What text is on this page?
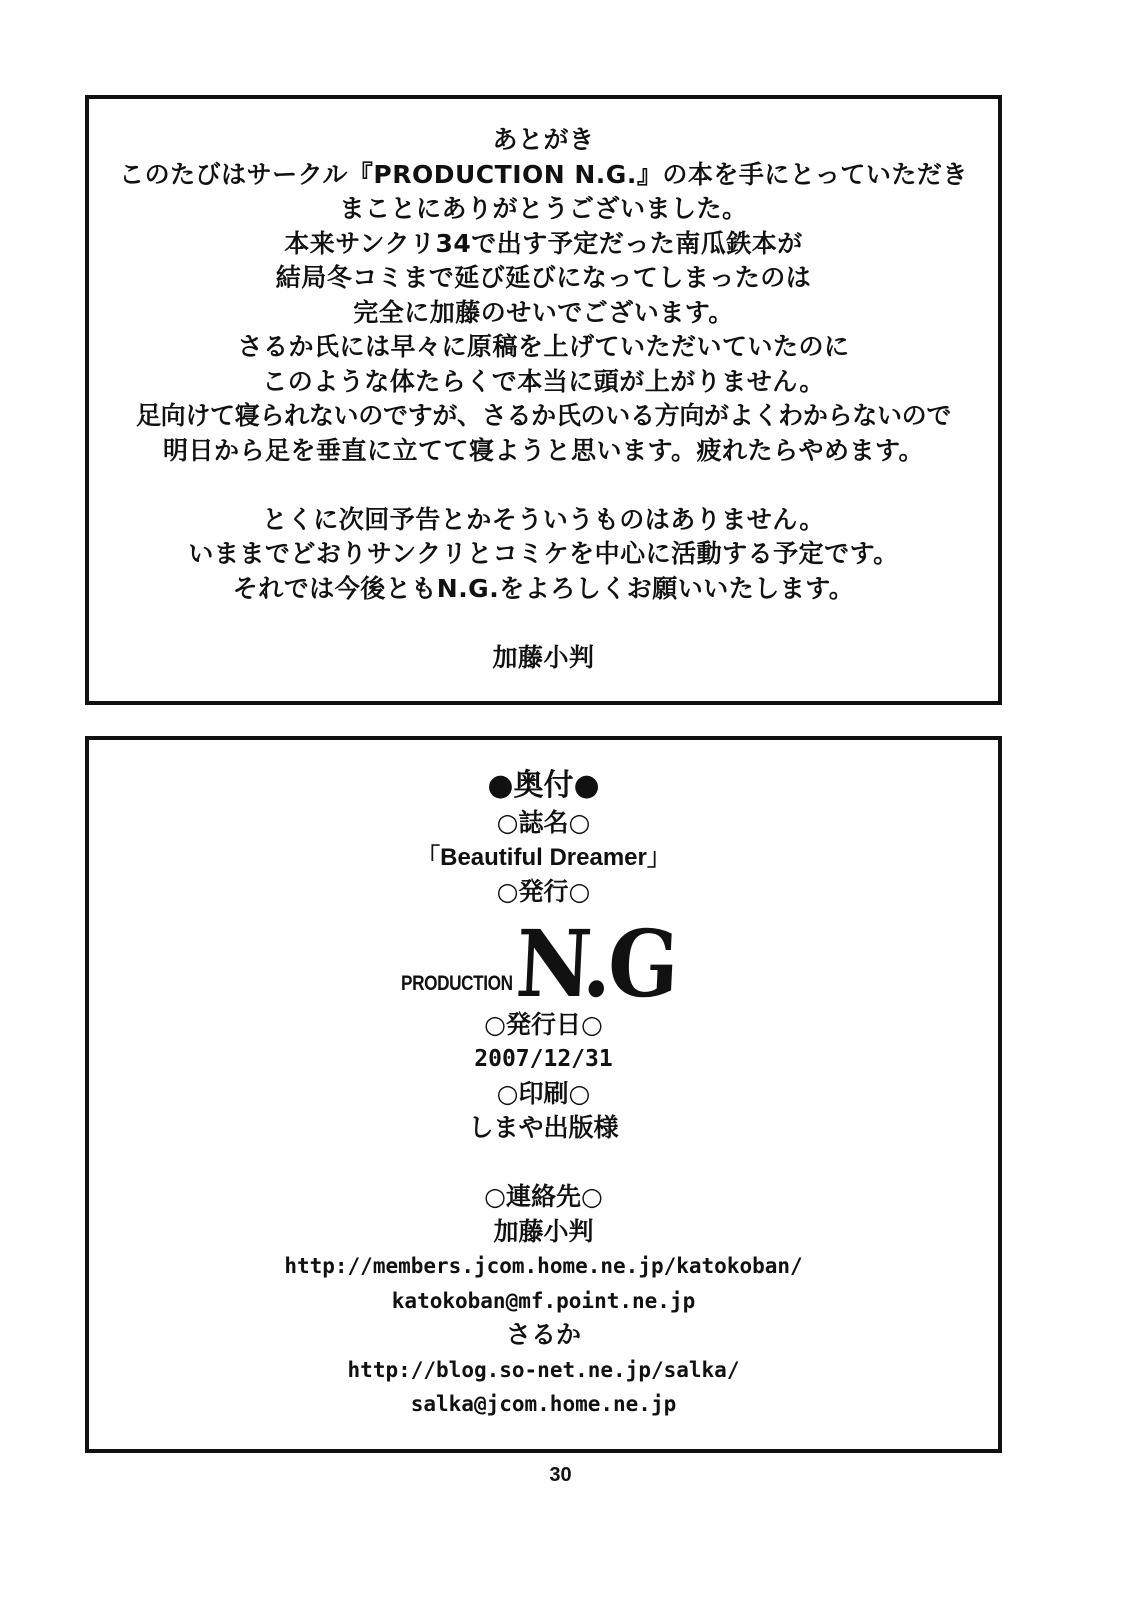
あとがき
このたびはサークル『PRODUCTION N.G.』の本を手にとっていただき
まことにありがとうございました。
本来サンクリ34で出す予定だった南瓜鉄本が
結局冬コミまで延び延びになってしまったのは
完全に加藤のせいでございます。
さるか氏には早々に原稿を上げていただいていたのに
このような体たらくで本当に頭が上がりません。
足向けて寝られないのですが、さるか氏のいる方向がよくわからないので
明日から足を垂直に立てて寝ようと思います。疲れたらやめます。
とくに次回予告とかそういうものはありません。
いままでどおりサンクリとコミケを中心に活動する予定です。
それでは今後ともN.G.をよろしくお願いいたします。
加藤小判
●奥付●
○誌名○
「Beautiful Dreamer」
○発行○
PRODUCTION N.G
○発行日○
2007/12/31
○印刷○
しまや出版様
○連絡先○
加藤小判
http://members.jcom.home.ne.jp/katokoban/
katokoban@mf.point.ne.jp
さるか
http://blog.so-net.ne.jp/salka/
salka@jcom.home.ne.jp
30
